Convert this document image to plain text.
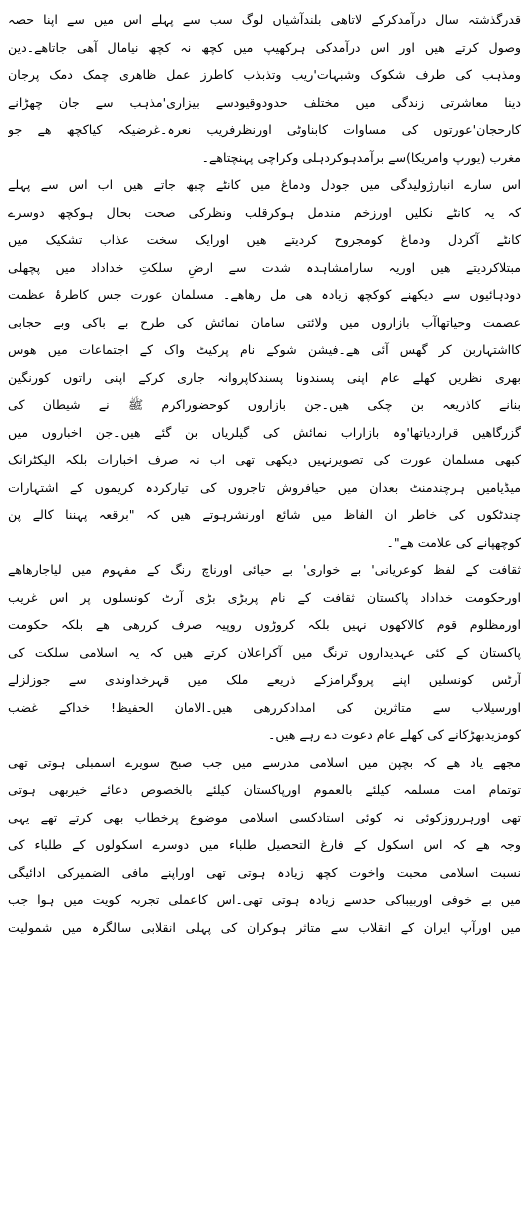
قدرگذشتہ سال درآمدکرکے لاتاھی بلندآشیاں لوگ سب سے پہلے اس میں سے اپنا حصہ
وصول کرتے ھیں اور اس درآمدکی ہرکھیپ میں کچھ نہ کچھ نیامال آھی جاتاھے۔دین
ومذہب کی طرف شکوک وشبہات'ریب وتذبذب کاطرز عمل ظاھری چمک دمک پرجان
دینا معاشرتی زندگی میں مختلف حدودوقیودسے بیزاری'مذہب سے جان چھڑانے
کارحجان'عورتوں کی مساوات کابناوٹی اورنظرفریب نعرہ۔غرضیکہ کیاکچھ ھے جو
مغرب (یورپ وامریکا)سے برآمدہوکردہلی وکراچی پہنچتاھے۔
اس سارے انبارژولیدگی میں جودل ودماغ میں کانٹے چبھ جاتے ھیں اب اس سے پہلے
کہ یہ کانٹے نکلیں اورزخم مندمل ہوکرقلب ونظرکی صحت بحال ہوکچھ دوسرے
کانٹے آکردل ودماغ کومجروح کردیتے ھیں اورایک سخت عذاب تشکیک میں
مبتلاکردیتے ھیں اوریہ سارامشاہدہ شدت سے ارضِ سلکتِ خداداد میں پچھلی
دودہائیوں سے دیکھنے کوکچھ زیادہ ھی مل رھاھے۔ مسلمان عورت جس کاطرۂ عظمت
عصمت وحیاتھاآب بازاروں میں ولائتی سامان نمائش کی طرح بے باکی وبے حجابی
کااشتہاربن کر گھس آئی ھے۔فیشن شوکے نام پرکیٹ واک کے اجتماعات میں ھوس
بھری نظریں کھلے عام اپنی پسندونا پسندکاپروانہ جاری کرکے اپنی راتوں کورنگین
بنانے کاذریعہ بن چکی ھیں۔جن بازاروں کوحضوراکرم ﷺ نے شیطان کی
گزرگاھیں قراردیاتھا'وہ بازاراب نمائش کی گیلریاں بن گئے ھیں۔جن اخباروں میں
کبھی مسلمان عورت کی تصویرنہیں دیکھی تھی اب نہ صرف اخبارات بلکہ الیکٹرانک
میڈیامیں ہرچندمنٹ بعدان میں حیافروش تاجروں کی تیارکردہ کریموں کے اشتہارات
چندٹکوں کی خاطر ان الفاظ میں شائع اورنشرہوتے ھیں کہ "برقعہ پہننا کالے پن
کوچھپانے کی علامت ھے"۔
ثقافت کے لفظ کوعریانی' بے خواری' بے حیائی اورناچ رنگ کے مفہوم میں لیاجارھاھے
اورحکومت خداداد پاکستان ثقافت کے نام پربڑی بڑی آرٹ کونسلوں پر اس غریب
اورمظلوم قوم کالاکھوں نہیں بلکہ کروڑوں روپیہ صرف کررھی ھے بلکہ حکومت
پاکستان کے کئی عہدیداروں ترنگ میں آکراعلان کرتے ھیں کہ یہ اسلامی سلکت کی
آرٹس کونسلیں اپنے پروگرامزکے ذریعے ملک میں قہرخداوندی سے جوزلزلے
اورسیلاب سے متاثرین کی امدادکررھی ھیں۔الامان الحفیظ! خداکے غضب
کومزیدبھڑکانے کی کھلے عام دعوت دے رہے ھیں۔
مجھے یاد ھے کہ بچپن میں اسلامی مدرسے میں جب صبح سویرے اسمبلی ہوتی تھی
توتمام امت مسلمہ کیلئے بالعموم اورپاکستان کیلئے بالخصوص دعائے خیربھی ہوتی
تھی اورہرروزکوئی نہ کوئی استادکسی اسلامی موضوع پرخطاب بھی کرتے تھے یہی
وجہ ھے کہ اس اسکول کے فارغ التحصیل طلباء میں دوسرے اسکولوں کے طلباء کی
نسبت اسلامی محبت واخوت کچھ زیادہ ہوتی تھی اوراپنے مافی الضمیرکی ادائیگی
میں بے خوفی اوربیباکی حدسے زیادہ ہوتی تھی۔اس کاعملی تجربہ کویت میں ہوا جب
میں اورآپ ایران کے انقلاب سے متاثر ہوکران کی پہلی انقلابی سالگرہ میں شمولیت
